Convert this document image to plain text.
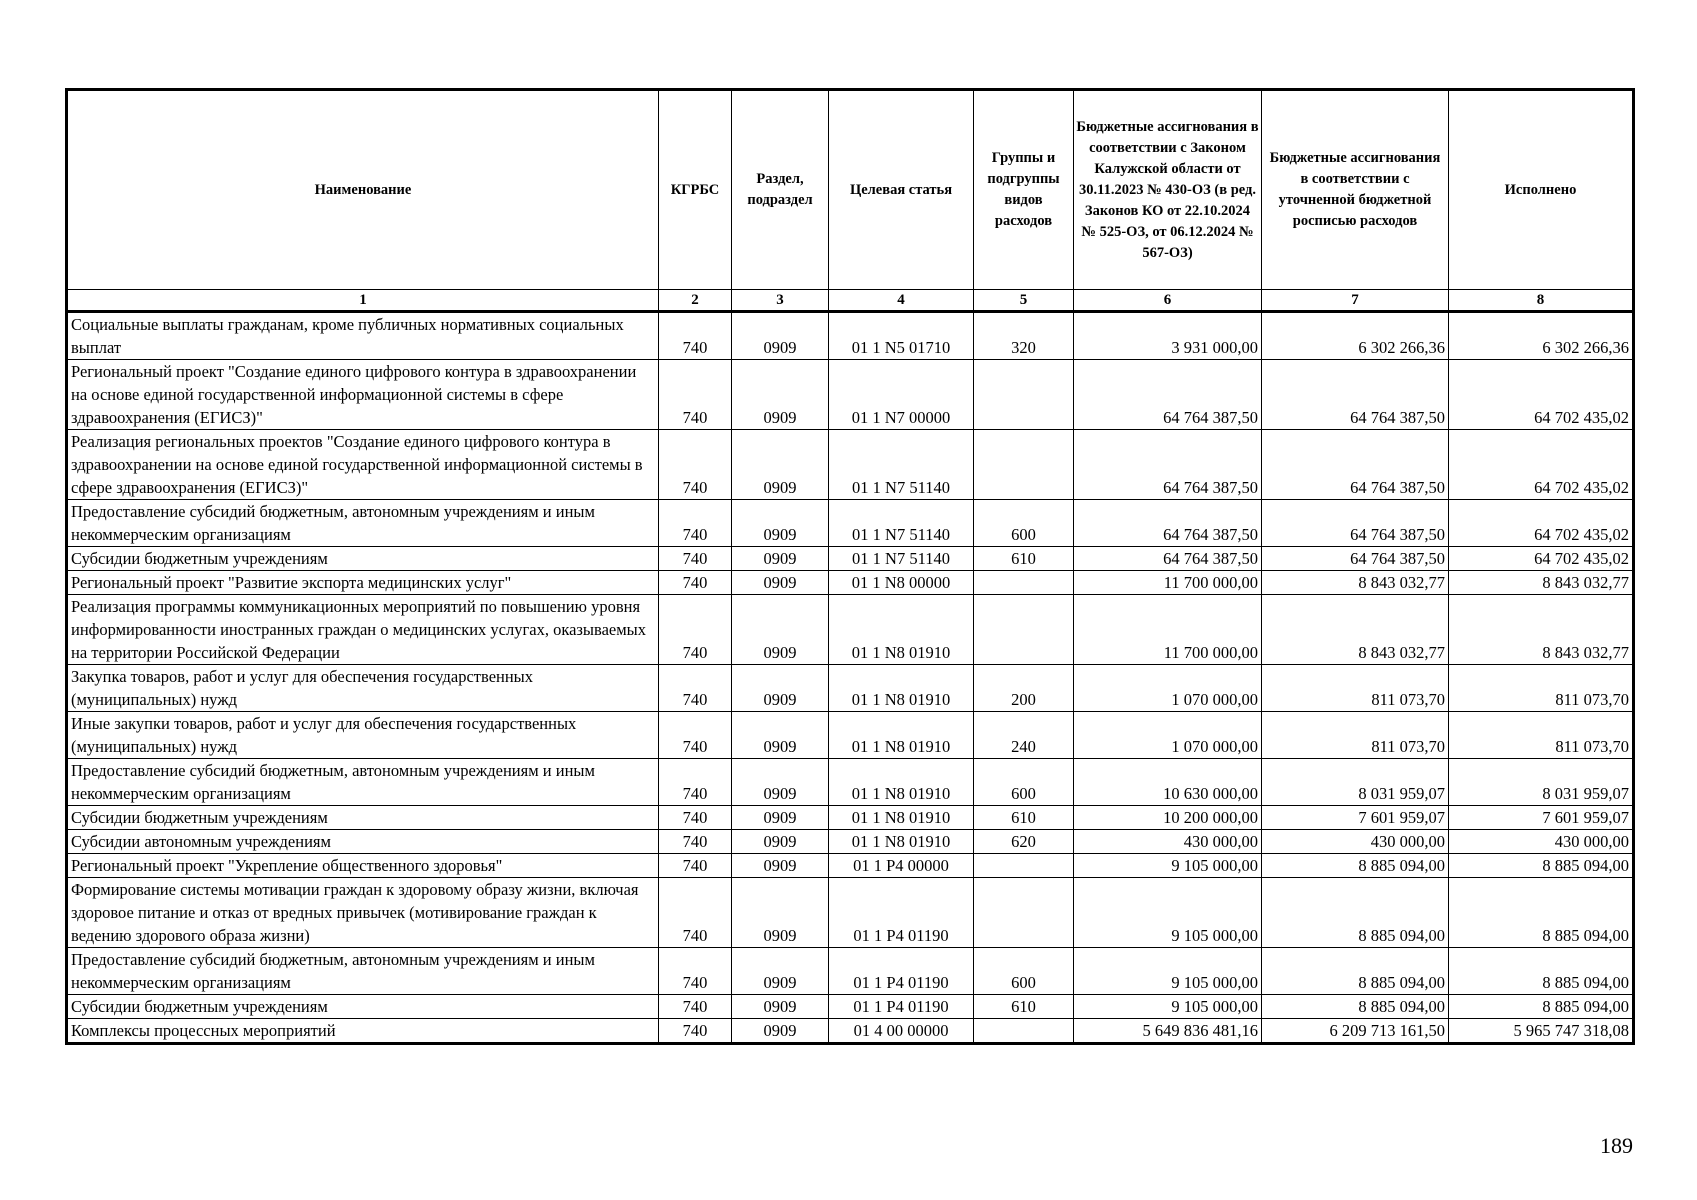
Наименование	КГРБС	Раздел, подраздел	Целевая статья	Группы и подгруппы видов расходов	Бюджетные ассигнования в соответствии с Законом Калужской области от 30.11.2023 № 430-ОЗ (в ред. Законов КО от 22.10.2024 № 525-ОЗ, от 06.12.2024 № 567-ОЗ)	Бюджетные ассигнования в соответствии с уточненной бюджетной росписью расходов	Исполнено
1	2	3	4	5	6	7	8
Социальные выплаты гражданам, кроме публичных нормативных социальных выплат	740	0909	01 1 N5 01710	320	3 931 000,00	6 302 266,36	6 302 266,36
Региональный проект "Создание единого цифрового контура в здравоохранении на основе единой государственной информационной системы в сфере здравоохранения (ЕГИСЗ)"	740	0909	01 1 N7 00000		64 764 387,50	64 764 387,50	64 702 435,02
Реализация региональных проектов "Создание единого цифрового контура в здравоохранении на основе единой государственной информационной системы в сфере здравоохранения (ЕГИСЗ)"	740	0909	01 1 N7 51140		64 764 387,50	64 764 387,50	64 702 435,02
Предоставление субсидий бюджетным, автономным учреждениям и иным некоммерческим организациям	740	0909	01 1 N7 51140	600	64 764 387,50	64 764 387,50	64 702 435,02
Субсидии бюджетным учреждениям	740	0909	01 1 N7 51140	610	64 764 387,50	64 764 387,50	64 702 435,02
Региональный проект "Развитие экспорта медицинских услуг"	740	0909	01 1 N8 00000		11 700 000,00	8 843 032,77	8 843 032,77
Реализация программы коммуникационных мероприятий по повышению уровня информированности иностранных граждан о медицинских услугах, оказываемых на территории Российской Федерации	740	0909	01 1 N8 01910		11 700 000,00	8 843 032,77	8 843 032,77
Закупка товаров, работ и услуг для обеспечения государственных (муниципальных) нужд	740	0909	01 1 N8 01910	200	1 070 000,00	811 073,70	811 073,70
Иные закупки товаров, работ и услуг для обеспечения государственных (муниципальных) нужд	740	0909	01 1 N8 01910	240	1 070 000,00	811 073,70	811 073,70
Предоставление субсидий бюджетным, автономным учреждениям и иным некоммерческим организациям	740	0909	01 1 N8 01910	600	10 630 000,00	8 031 959,07	8 031 959,07
Субсидии бюджетным учреждениям	740	0909	01 1 N8 01910	610	10 200 000,00	7 601 959,07	7 601 959,07
Субсидии автономным учреждениям	740	0909	01 1 N8 01910	620	430 000,00	430 000,00	430 000,00
Региональный проект "Укрепление общественного здоровья"	740	0909	01 1 P4 00000		9 105 000,00	8 885 094,00	8 885 094,00
Формирование системы мотивации граждан к здоровому образу жизни, включая здоровое питание и отказ от вредных привычек (мотивирование граждан к ведению здорового образа жизни)	740	0909	01 1 P4 01190		9 105 000,00	8 885 094,00	8 885 094,00
Предоставление субсидий бюджетным, автономным учреждениям и иным некоммерческим организациям	740	0909	01 1 P4 01190	600	9 105 000,00	8 885 094,00	8 885 094,00
Субсидии бюджетным учреждениям	740	0909	01 1 P4 01190	610	9 105 000,00	8 885 094,00	8 885 094,00
Комплексы процессных мероприятий	740	0909	01 4 00 00000		5 649 836 481,16	6 209 713 161,50	5 965 747 318,08
189
